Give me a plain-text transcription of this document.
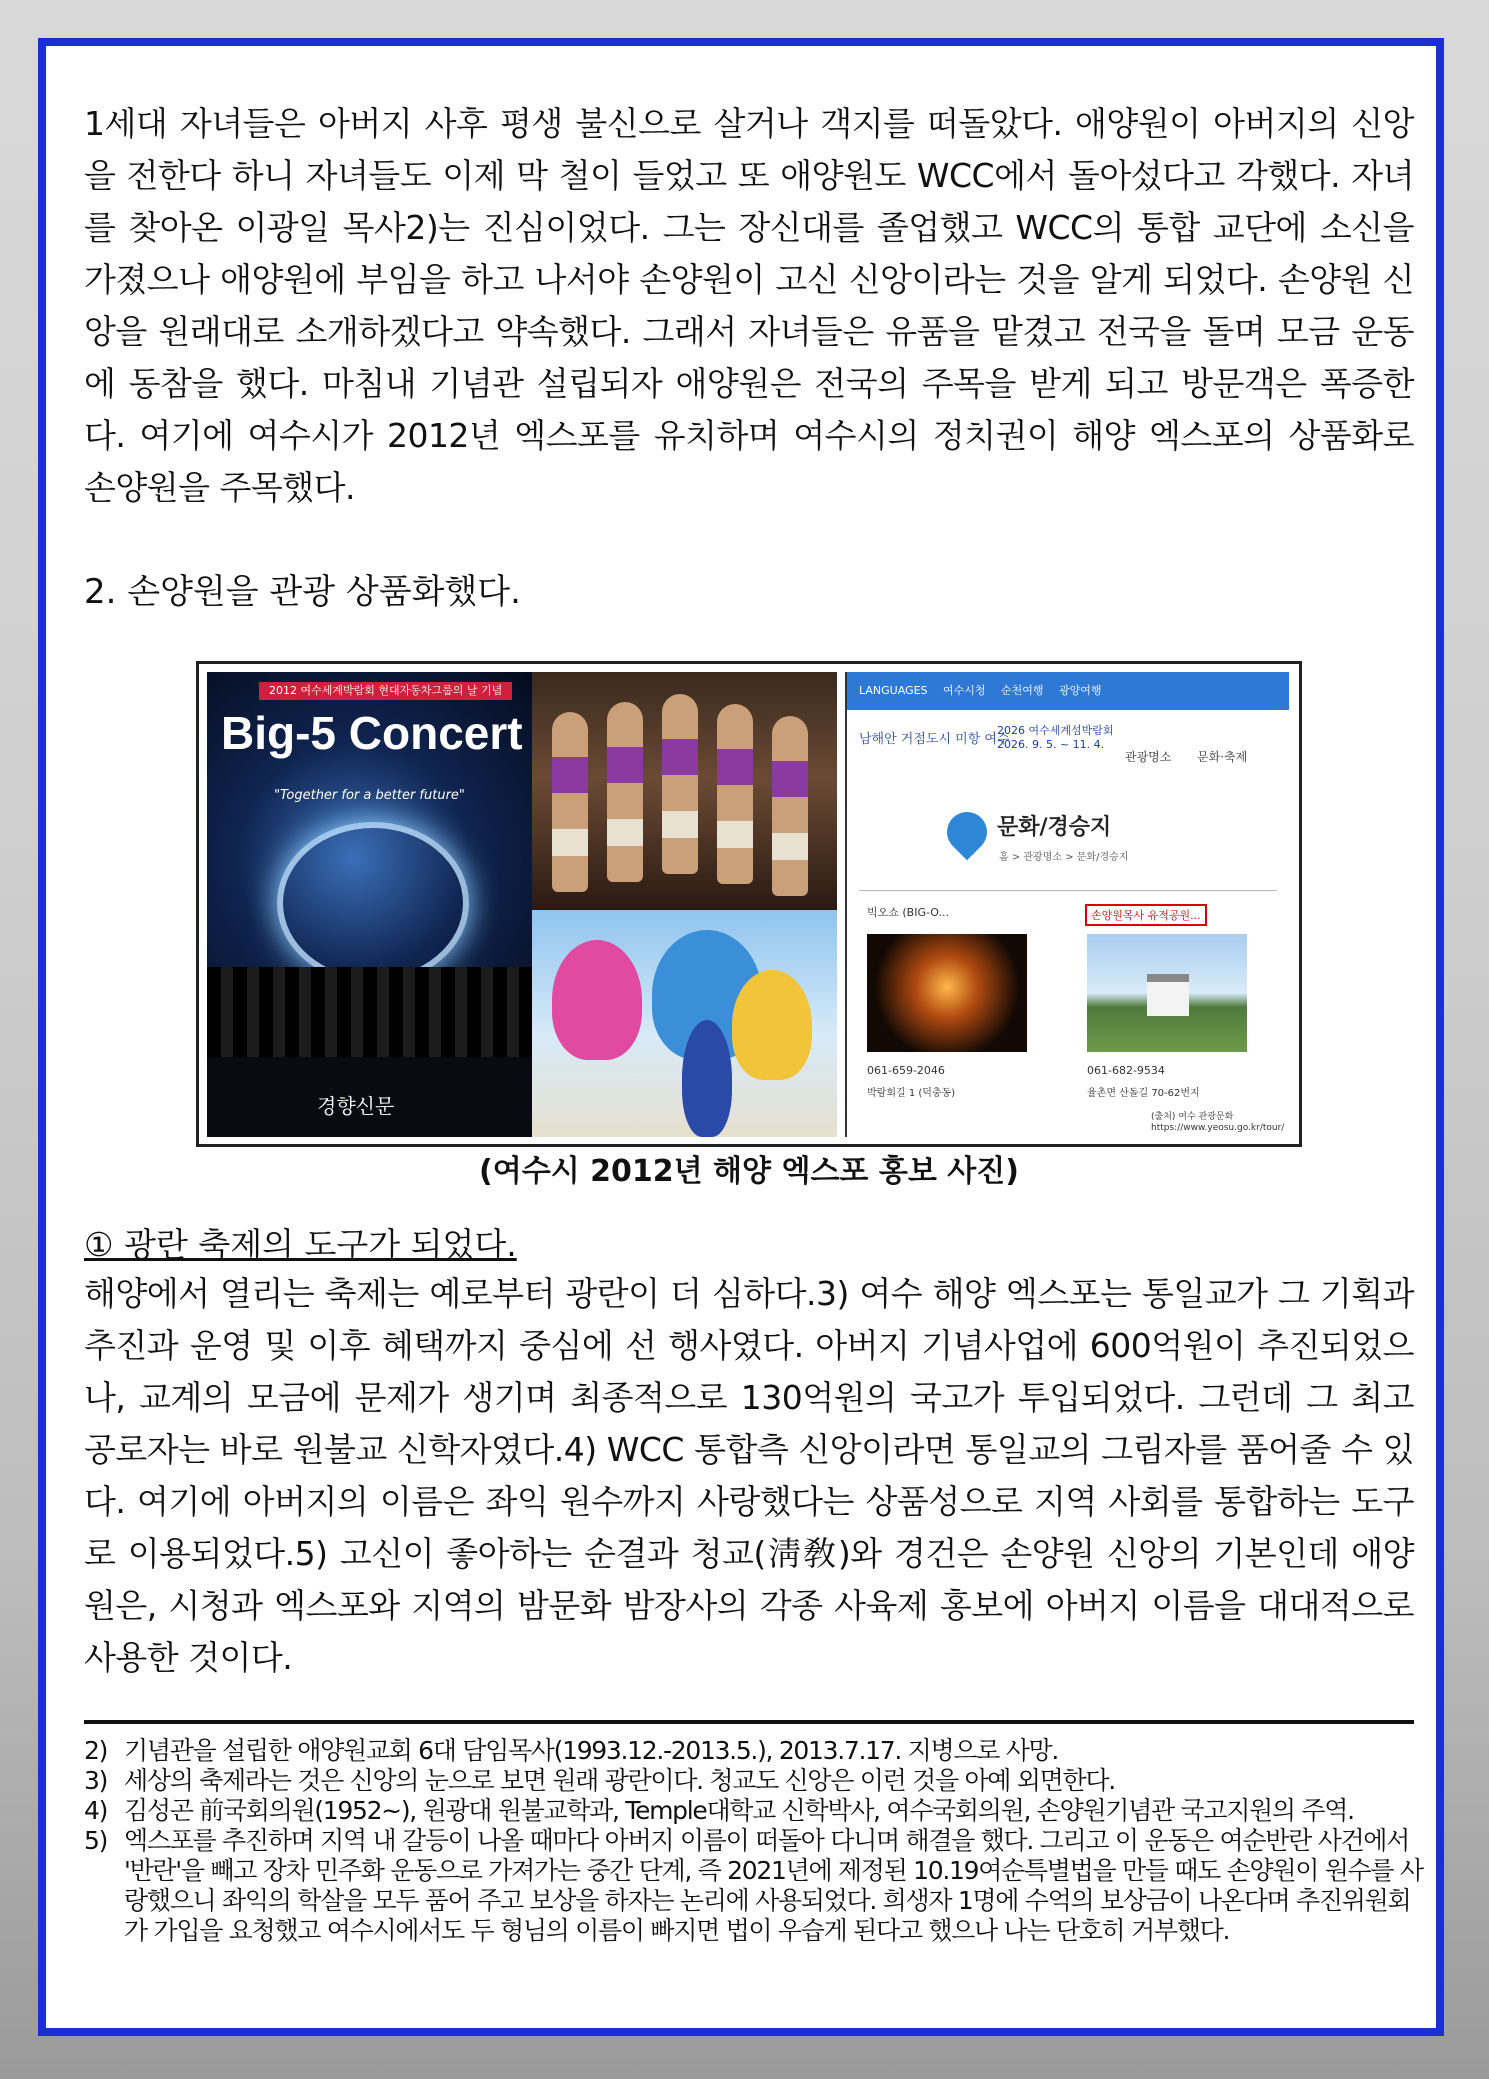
1세대 자녀들은 아버지 사후 평생 불신으로 살거나 객지를 떠돌았다. 애양원이 아버지의 신앙을 전한다 하니 자녀들도 이제 막 철이 들었고 또 애양원도 WCC에서 돌아섰다고 각했다. 자녀를 찾아온 이광일 목사2)는 진심이었다. 그는 장신대를 졸업했고 WCC의 통합 교단에 소신을 가졌으나 애양원에 부임을 하고 나서야 손양원이 고신 신앙이라는 것을 알게 되었다. 손양원 신앙을 원래대로 소개하겠다고 약속했다. 그래서 자녀들은 유품을 맡겼고 전국을 돌며 모금 운동에 동참을 했다. 마침내 기념관 설립되자 애양원은 전국의 주목을 받게 되고 방문객은 폭증한다. 여기에 여수시가 2012년 엑스포를 유치하며 여수시의 정치권이 해양 엑스포의 상품화로 손양원을 주목했다.

2. 손양원을 관광 상품화했다.
2012 여수세계박람회 현대자동차그룹의 날 기념
Big-5 Concert
"Together for a better future"
경향신문
LANGUAGES 여수시청 순천여행 광양여행
남해안 거점도시 미항 여수
2026 여수세계섬박람회
2026. 9. 5. ~ 11. 4.
관광명소 문화·축제
문화/경승지
홈 > 관광명소 > 문화/경승지
빅오쇼 (BIG-O...	손양원목사 유적공원...
061-659-2046
박람회길 1 (덕충동)
061-682-9534
율촌면 산돌길 70-62번지
(출처) 여수 관광문화 https://www.yeosu.go.kr/tour/

(여수시 2012년 해양 엑스포 홍보 사진)

① 광란 축제의 도구가 되었다.

해양에서 열리는 축제는 예로부터 광란이 더 심하다.3) 여수 해양 엑스포는 통일교가 그 기획과 추진과 운영 및 이후 혜택까지 중심에 선 행사였다. 아버지 기념사업에 600억원이 추진되었으나, 교계의 모금에 문제가 생기며 최종적으로 130억원의 국고가 투입되었다. 그런데 그 최고 공로자는 바로 원불교 신학자였다.4) WCC 통합측 신앙이라면 통일교의 그림자를 품어줄 수 있다. 여기에 아버지의 이름은 좌익 원수까지 사랑했다는 상품성으로 지역 사회를 통합하는 도구로 이용되었다.5) 고신이 좋아하는 순결과 청교(淸敎)와 경건은 손양원 신앙의 기본인데 애양원은, 시청과 엑스포와 지역의 밤문화 밤장사의 각종 사육제 홍보에 아버지 이름을 대대적으로 사용한 것이다.

2) 기념관을 설립한 애양원교회 6대 담임목사(1993.12.-2013.5.), 2013.7.17. 지병으로 사망.
3) 세상의 축제라는 것은 신앙의 눈으로 보면 원래 광란이다. 청교도 신앙은 이런 것을 아예 외면한다.
4) 김성곤 前국회의원(1952~), 원광대 원불교학과, Temple대학교 신학박사, 여수국회의원, 손양원기념관 국고지원의 주역.
5) 엑스포를 추진하며 지역 내 갈등이 나올 때마다 아버지 이름이 떠돌아 다니며 해결을 했다. 그리고 이 운동은 여순반란 사건에서 '반란'을 빼고 장차 민주화 운동으로 가져가는 중간 단계, 즉 2021년에 제정된 10.19여순특별법을 만들 때도 손양원이 원수를 사랑했으니 좌익의 학살을 모두 품어 주고 보상을 하자는 논리에 사용되었다. 희생자 1명에 수억의 보상금이 나온다며 추진위원회가 가입을 요청했고 여수시에서도 두 형님의 이름이 빠지면 법이 우습게 된다고 했으나 나는 단호히 거부했다.
